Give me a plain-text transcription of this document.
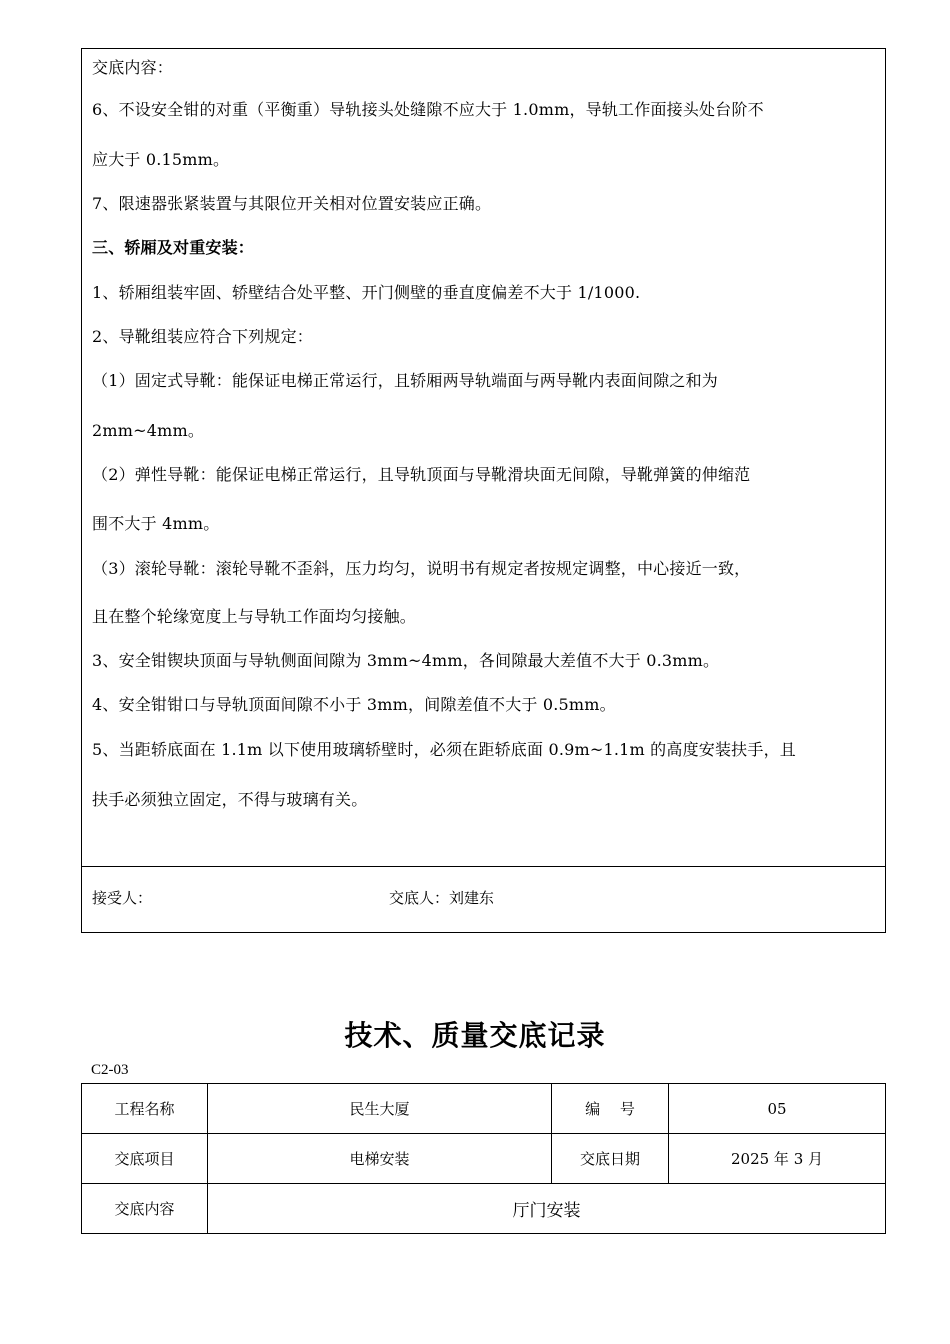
交底内容：
6、不设安全钳的对重（平衡重）导轨接头处缝隙不应大于 1.0mm，导轨工作面接头处台阶不
应大于 0.15mm。
7、限速器张紧装置与其限位开关相对位置安装应正确。
三、轿厢及对重安装：
1、轿厢组装牢固、轿壁结合处平整、开门侧壁的垂直度偏差不大于 1/1000.
2、导靴组装应符合下列规定：
（1）固定式导靴：能保证电梯正常运行，且轿厢两导轨端面与两导靴内表面间隙之和为
2mm~4mm。
（2）弹性导靴：能保证电梯正常运行，且导轨顶面与导靴滑块面无间隙，导靴弹簧的伸缩范
围不大于 4mm。
（3）滚轮导靴：滚轮导靴不歪斜，压力均匀，说明书有规定者按规定调整，中心接近一致，
且在整个轮缘宽度上与导轨工作面均匀接触。
3、安全钳锲块顶面与导轨侧面间隙为 3mm~4mm，各间隙最大差值不大于 0.3mm。
4、安全钳钳口与导轨顶面间隙不小于 3mm，间隙差值不大于 0.5mm。
5、当距轿底面在 1.1m 以下使用玻璃轿壁时，必须在距轿底面 0.9m~1.1m 的高度安装扶手，且
扶手必须独立固定，不得与玻璃有关。
接受人：	交底人：刘建东
技术、质量交底记录
C2-03
工程名称	民生大厦	编　 号	05
交底项目	电梯安装	交底日期	2025 年 3 月
交底内容	厅门安装		
